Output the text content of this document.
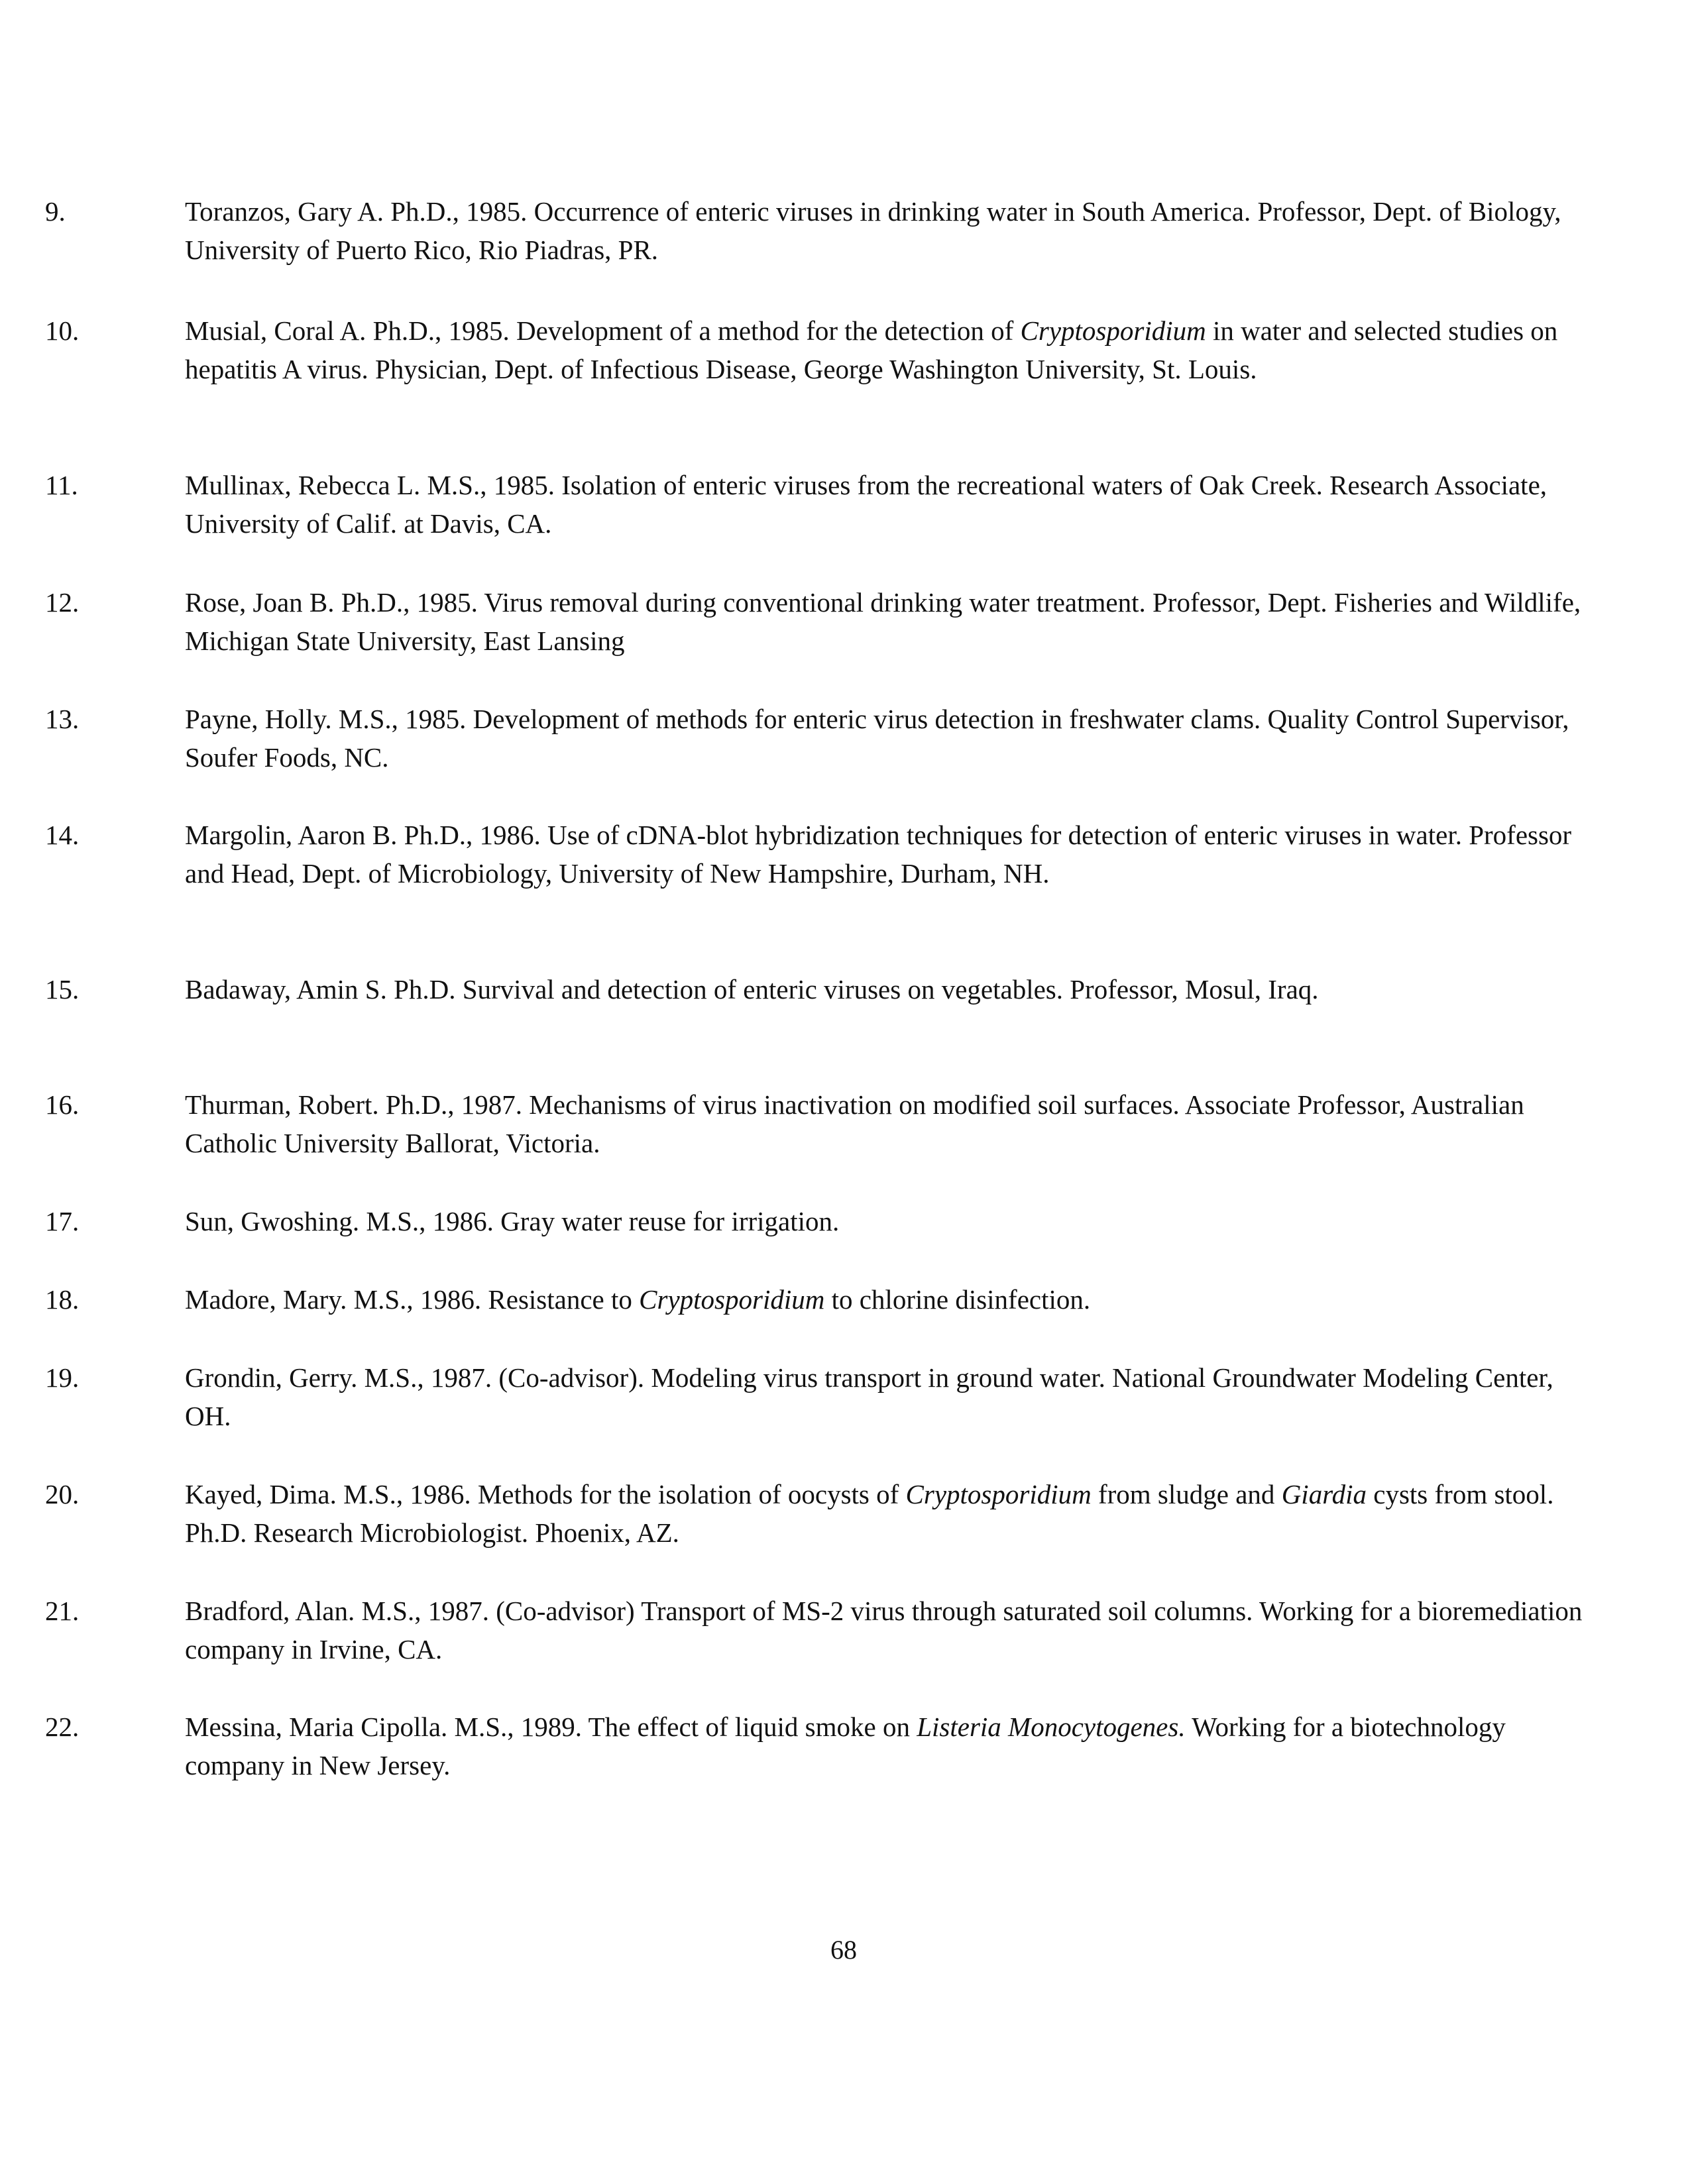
9.	Toranzos, Gary A. Ph.D., 1985. Occurrence of enteric viruses in drinking water in South America. Professor, Dept. of Biology, University of Puerto Rico, Rio Piadras, PR.
10.	Musial, Coral A. Ph.D., 1985. Development of a method for the detection of Cryptosporidium in water and selected studies on hepatitis A virus. Physician, Dept. of Infectious Disease, George Washington University, St. Louis.
11.	Mullinax, Rebecca L. M.S., 1985. Isolation of enteric viruses from the recreational waters of Oak Creek. Research Associate, University of Calif. at Davis, CA.
12.	Rose, Joan B. Ph.D., 1985. Virus removal during conventional drinking water treatment. Professor, Dept. Fisheries and Wildlife, Michigan State University, East Lansing
13.	Payne, Holly. M.S., 1985. Development of methods for enteric virus detection in freshwater clams. Quality Control Supervisor, Soufer Foods, NC.
14.	Margolin, Aaron B. Ph.D., 1986. Use of cDNA-blot hybridization techniques for detection of enteric viruses in water. Professor and Head, Dept. of Microbiology, University of New Hampshire, Durham, NH.
15.	Badaway, Amin S. Ph.D. Survival and detection of enteric viruses on vegetables. Professor, Mosul, Iraq.
16.	Thurman, Robert. Ph.D., 1987. Mechanisms of virus inactivation on modified soil surfaces. Associate Professor, Australian Catholic University Ballorat, Victoria.
17.	Sun, Gwoshing. M.S., 1986. Gray water reuse for irrigation.
18.	Madore, Mary. M.S., 1986. Resistance to Cryptosporidium to chlorine disinfection.
19.	Grondin, Gerry. M.S., 1987. (Co-advisor). Modeling virus transport in ground water. National Groundwater Modeling Center, OH.
20.	Kayed, Dima. M.S., 1986. Methods for the isolation of oocysts of Cryptosporidium from sludge and Giardia cysts from stool. Ph.D. Research Microbiologist. Phoenix, AZ.
21.	Bradford, Alan. M.S., 1987. (Co-advisor) Transport of MS-2 virus through saturated soil columns. Working for a bioremediation company in Irvine, CA.
22.	Messina, Maria Cipolla. M.S., 1989. The effect of liquid smoke on Listeria Monocytogenes. Working for a biotechnology company in New Jersey.
68
